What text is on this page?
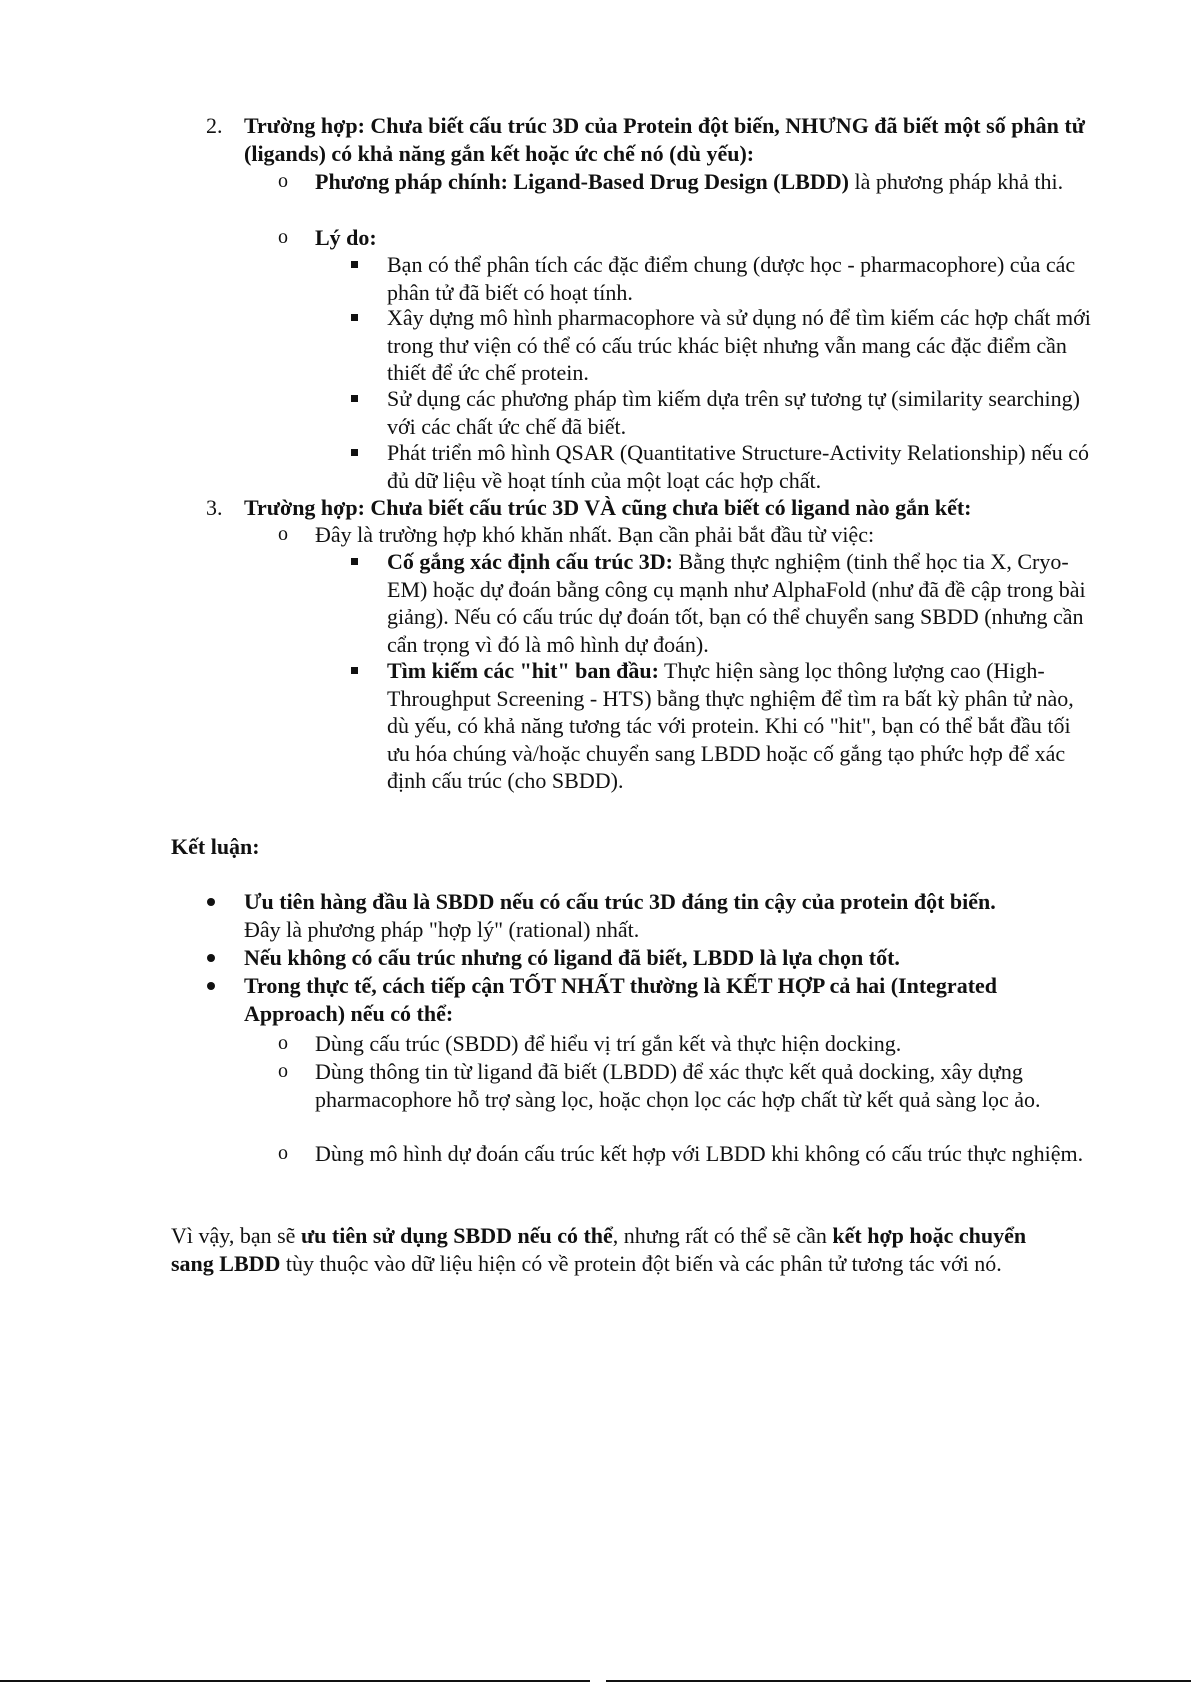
2. Trường hợp: Chưa biết cấu trúc 3D của Protein đột biến, NHƯNG đã biết một số phân tử (ligands) có khả năng gắn kết hoặc ức chế nó (dù yếu):
o	Phương pháp chính: Ligand-Based Drug Design (LBDD) là phương pháp khả thi.
o	Lý do:
Bạn có thể phân tích các đặc điểm chung (dược học - pharmacophore) của các phân tử đã biết có hoạt tính.
Xây dựng mô hình pharmacophore và sử dụng nó để tìm kiếm các hợp chất mới trong thư viện có thể có cấu trúc khác biệt nhưng vẫn mang các đặc điểm cần thiết để ức chế protein.
Sử dụng các phương pháp tìm kiếm dựa trên sự tương tự (similarity searching) với các chất ức chế đã biết.
Phát triển mô hình QSAR (Quantitative Structure-Activity Relationship) nếu có đủ dữ liệu về hoạt tính của một loạt các hợp chất.
3. Trường hợp: Chưa biết cấu trúc 3D VÀ cũng chưa biết có ligand nào gắn kết:
o	Đây là trường hợp khó khăn nhất. Bạn cần phải bắt đầu từ việc:
Cố gắng xác định cấu trúc 3D: Bằng thực nghiệm (tinh thể học tia X, Cryo-EM) hoặc dự đoán bằng công cụ mạnh như AlphaFold (như đã đề cập trong bài giảng). Nếu có cấu trúc dự đoán tốt, bạn có thể chuyển sang SBDD (nhưng cần cẩn trọng vì đó là mô hình dự đoán).
Tìm kiếm các "hit" ban đầu: Thực hiện sàng lọc thông lượng cao (High-Throughput Screening - HTS) bằng thực nghiệm để tìm ra bất kỳ phân tử nào, dù yếu, có khả năng tương tác với protein. Khi có "hit", bạn có thể bắt đầu tối ưu hóa chúng và/hoặc chuyển sang LBDD hoặc cố gắng tạo phức hợp để xác định cấu trúc (cho SBDD).
Kết luận:
Ưu tiên hàng đầu là SBDD nếu có cấu trúc 3D đáng tin cậy của protein đột biến.
Đây là phương pháp "hợp lý" (rational) nhất.
Nếu không có cấu trúc nhưng có ligand đã biết, LBDD là lựa chọn tốt.
Trong thực tế, cách tiếp cận TỐT NHẤT thường là KẾT HỢP cả hai (Integrated Approach) nếu có thể:
o	Dùng cấu trúc (SBDD) để hiểu vị trí gắn kết và thực hiện docking.
o	Dùng thông tin từ ligand đã biết (LBDD) để xác thực kết quả docking, xây dựng pharmacophore hỗ trợ sàng lọc, hoặc chọn lọc các hợp chất từ kết quả sàng lọc ảo.
o	Dùng mô hình dự đoán cấu trúc kết hợp với LBDD khi không có cấu trúc thực nghiệm.
Vì vậy, bạn sẽ ưu tiên sử dụng SBDD nếu có thể, nhưng rất có thể sẽ cần kết hợp hoặc chuyển sang LBDD tùy thuộc vào dữ liệu hiện có về protein đột biến và các phân tử tương tác với nó.
